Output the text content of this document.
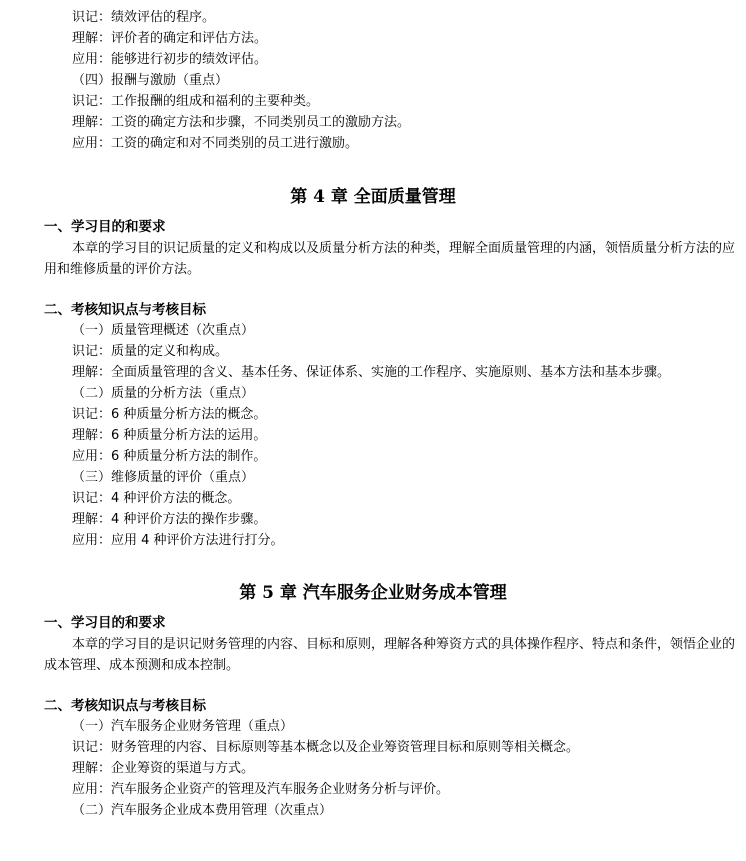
识记：绩效评估的程序。
理解：评价者的确定和评估方法。
应用：能够进行初步的绩效评估。
（四）报酬与激励（重点）
识记：工作报酬的组成和福利的主要种类。
理解：工资的确定方法和步骤，不同类别员工的激励方法。
应用：工资的确定和对不同类别的员工进行激励。
第 4 章 全面质量管理
一、学习目的和要求
本章的学习目的识记质量的定义和构成以及质量分析方法的种类，理解全面质量管理的内涵，领悟质量分析方法的应用和维修质量的评价方法。
二、考核知识点与考核目标
（一）质量管理概述（次重点）
识记：质量的定义和构成。
理解：全面质量管理的含义、基本任务、保证体系、实施的工作程序、实施原则、基本方法和基本步骤。
（二）质量的分析方法（重点）
识记：6 种质量分析方法的概念。
理解：6 种质量分析方法的运用。
应用：6 种质量分析方法的制作。
（三）维修质量的评价（重点）
识记：4 种评价方法的概念。
理解：4 种评价方法的操作步骤。
应用：应用 4 种评价方法进行打分。
第 5 章 汽车服务企业财务成本管理
一、学习目的和要求
本章的学习目的是识记财务管理的内容、目标和原则，理解各种筹资方式的具体操作程序、特点和条件，领悟企业的成本管理、成本预测和成本控制。
二、考核知识点与考核目标
（一）汽车服务企业财务管理（重点）
识记：财务管理的内容、目标原则等基本概念以及企业筹资管理目标和原则等相关概念。
理解：企业筹资的渠道与方式。
应用：汽车服务企业资产的管理及汽车服务企业财务分析与评价。
（二）汽车服务企业成本费用管理（次重点）
